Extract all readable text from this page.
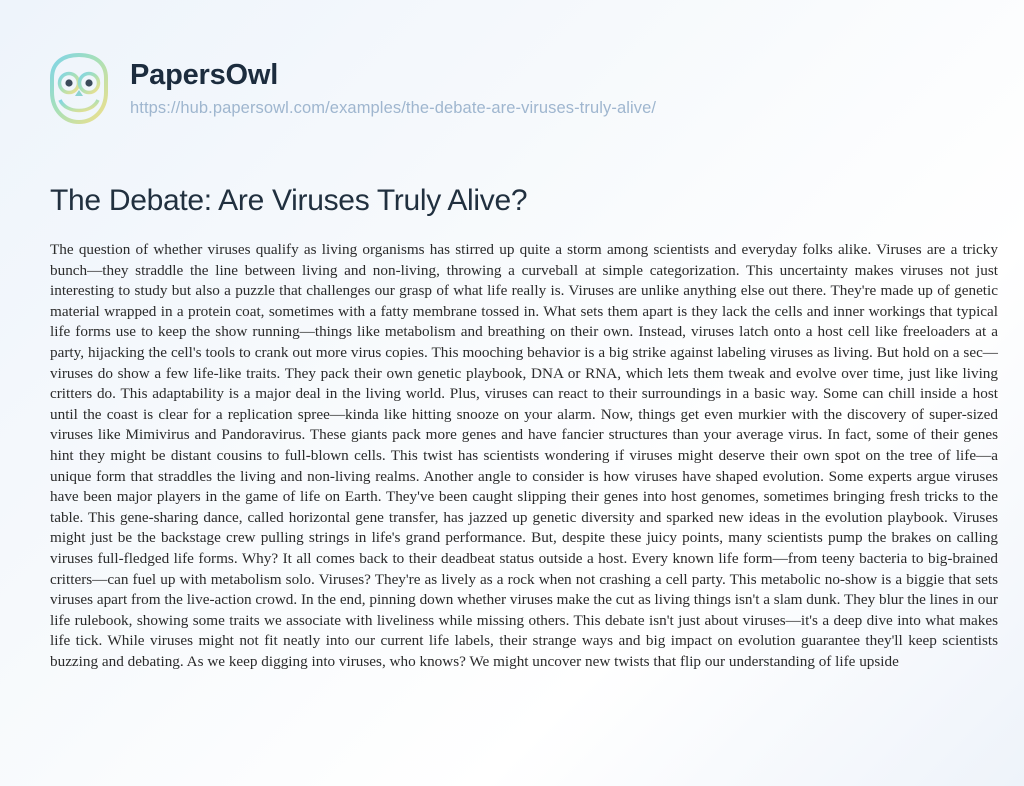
PapersOwl
https://hub.papersowl.com/examples/the-debate-are-viruses-truly-alive/
The Debate: Are Viruses Truly Alive?
The question of whether viruses qualify as living organisms has stirred up quite a storm among scientists and everyday folks alike. Viruses are a tricky bunch—they straddle the line between living and non-living, throwing a curveball at simple categorization. This uncertainty makes viruses not just interesting to study but also a puzzle that challenges our grasp of what life really is. Viruses are unlike anything else out there. They're made up of genetic material wrapped in a protein coat, sometimes with a fatty membrane tossed in. What sets them apart is they lack the cells and inner workings that typical life forms use to keep the show running—things like metabolism and breathing on their own. Instead, viruses latch onto a host cell like freeloaders at a party, hijacking the cell's tools to crank out more virus copies. This mooching behavior is a big strike against labeling viruses as living. But hold on a sec—viruses do show a few life-like traits. They pack their own genetic playbook, DNA or RNA, which lets them tweak and evolve over time, just like living critters do. This adaptability is a major deal in the living world. Plus, viruses can react to their surroundings in a basic way. Some can chill inside a host until the coast is clear for a replication spree—kinda like hitting snooze on your alarm. Now, things get even murkier with the discovery of super-sized viruses like Mimivirus and Pandoravirus. These giants pack more genes and have fancier structures than your average virus. In fact, some of their genes hint they might be distant cousins to full-blown cells. This twist has scientists wondering if viruses might deserve their own spot on the tree of life—a unique form that straddles the living and non-living realms. Another angle to consider is how viruses have shaped evolution. Some experts argue viruses have been major players in the game of life on Earth. They've been caught slipping their genes into host genomes, sometimes bringing fresh tricks to the table. This gene-sharing dance, called horizontal gene transfer, has jazzed up genetic diversity and sparked new ideas in the evolution playbook. Viruses might just be the backstage crew pulling strings in life's grand performance. But, despite these juicy points, many scientists pump the brakes on calling viruses full-fledged life forms. Why? It all comes back to their deadbeat status outside a host. Every known life form—from teeny bacteria to big-brained critters—can fuel up with metabolism solo. Viruses? They're as lively as a rock when not crashing a cell party. This metabolic no-show is a biggie that sets viruses apart from the live-action crowd. In the end, pinning down whether viruses make the cut as living things isn't a slam dunk. They blur the lines in our life rulebook, showing some traits we associate with liveliness while missing others. This debate isn't just about viruses—it's a deep dive into what makes life tick. While viruses might not fit neatly into our current life labels, their strange ways and big impact on evolution guarantee they'll keep scientists buzzing and debating. As we keep digging into viruses, who knows? We might uncover new twists that flip our understanding of life upside
